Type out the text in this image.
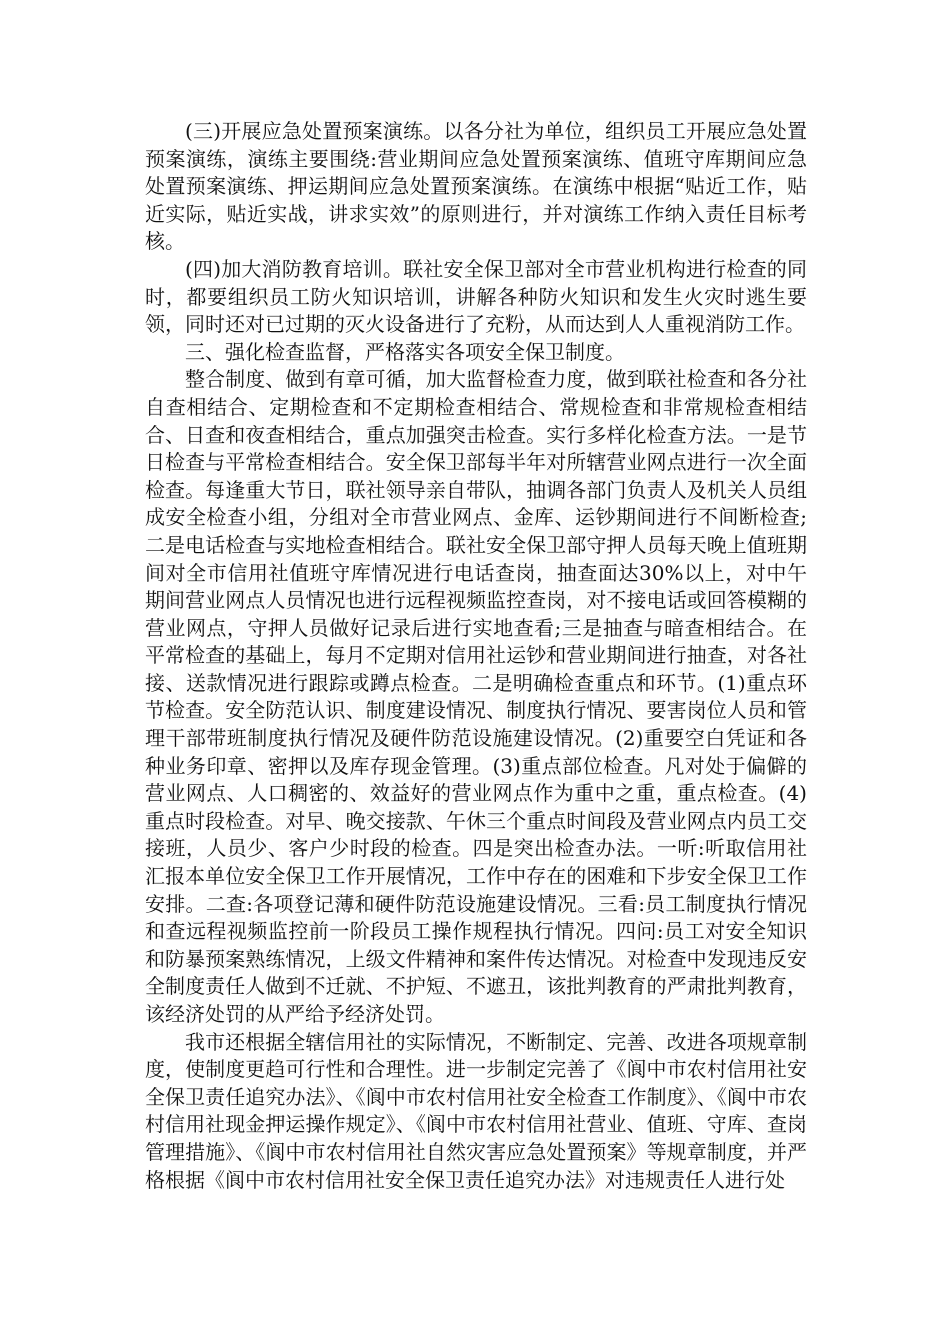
(三)开展应急处置预案演练。以各分社为单位，组织员工开展应急处置预案演练，演练主要围绕:营业期间应急处置预案演练、值班守库期间应急处置预案演练、押运期间应急处置预案演练。在演练中根据“贴近工作，贴近实际，贴近实战，讲求实效”的原则进行，并对演练工作纳入责任目标考核。

(四)加大消防教育培训。联社安全保卫部对全市营业机构进行检查的同时，都要组织员工防火知识培训，讲解各种防火知识和发生火灾时逃生要领，同时还对已过期的灭火设备进行了充粉，从而达到人人重视消防工作。

三、强化检查监督，严格落实各项安全保卫制度。

整合制度、做到有章可循，加大监督检查力度，做到联社检查和各分社自查相结合、定期检查和不定期检查相结合、常规检查和非常规检查相结合、日查和夜查相结合，重点加强突击检查。实行多样化检查方法。一是节日检查与平常检查相结合。安全保卫部每半年对所辖营业网点进行一次全面检查。每逢重大节日，联社领导亲自带队，抽调各部门负责人及机关人员组成安全检查小组，分组对全市营业网点、金库、运钞期间进行不间断检查;二是电话检查与实地检查相结合。联社安全保卫部守押人员每天晚上值班期间对全市信用社值班守库情况进行电话查岗，抽查面达30%以上，对中午期间营业网点人员情况也进行远程视频监控查岗，对不接电话或回答模糊的营业网点，守押人员做好记录后进行实地查看;三是抽查与暗查相结合。在平常检查的基础上，每月不定期对信用社运钞和营业期间进行抽查，对各社接、送款情况进行跟踪或蹲点检查。二是明确检查重点和环节。(1)重点环节检查。安全防范认识、制度建设情况、制度执行情况、要害岗位人员和管理干部带班制度执行情况及硬件防范设施建设情况。(2)重要空白凭证和各种业务印章、密押以及库存现金管理。(3)重点部位检查。凡对处于偏僻的营业网点、人口稠密的、效益好的营业网点作为重中之重，重点检查。(4)重点时段检查。对早、晚交接款、午休三个重点时间段及营业网点内员工交接班，人员少、客户少时段的检查。四是突出检查办法。一听:听取信用社汇报本单位安全保卫工作开展情况，工作中存在的困难和下步安全保卫工作安排。二查:各项登记薄和硬件防范设施建设情况。三看:员工制度执行情况和查远程视频监控前一阶段员工操作规程执行情况。四问:员工对安全知识和防暴预案熟练情况，上级文件精神和案件传达情况。对检查中发现违反安全制度责任人做到不迁就、不护短、不遮丑，该批判教育的严肃批判教育，该经济处罚的从严给予经济处罚。

我市还根据全辖信用社的实际情况，不断制定、完善、改进各项规章制度，使制度更趋可行性和合理性。进一步制定完善了《阆中市农村信用社安全保卫责任追究办法》、《阆中市农村信用社安全检查工作制度》、《阆中市农村信用社现金押运操作规定》、《阆中市农村信用社营业、值班、守库、查岗管理措施》、《阆中市农村信用社自然灾害应急处置预案》等规章制度，并严格根据《阆中市农村信用社安全保卫责任追究办法》对违规责任人进行处
